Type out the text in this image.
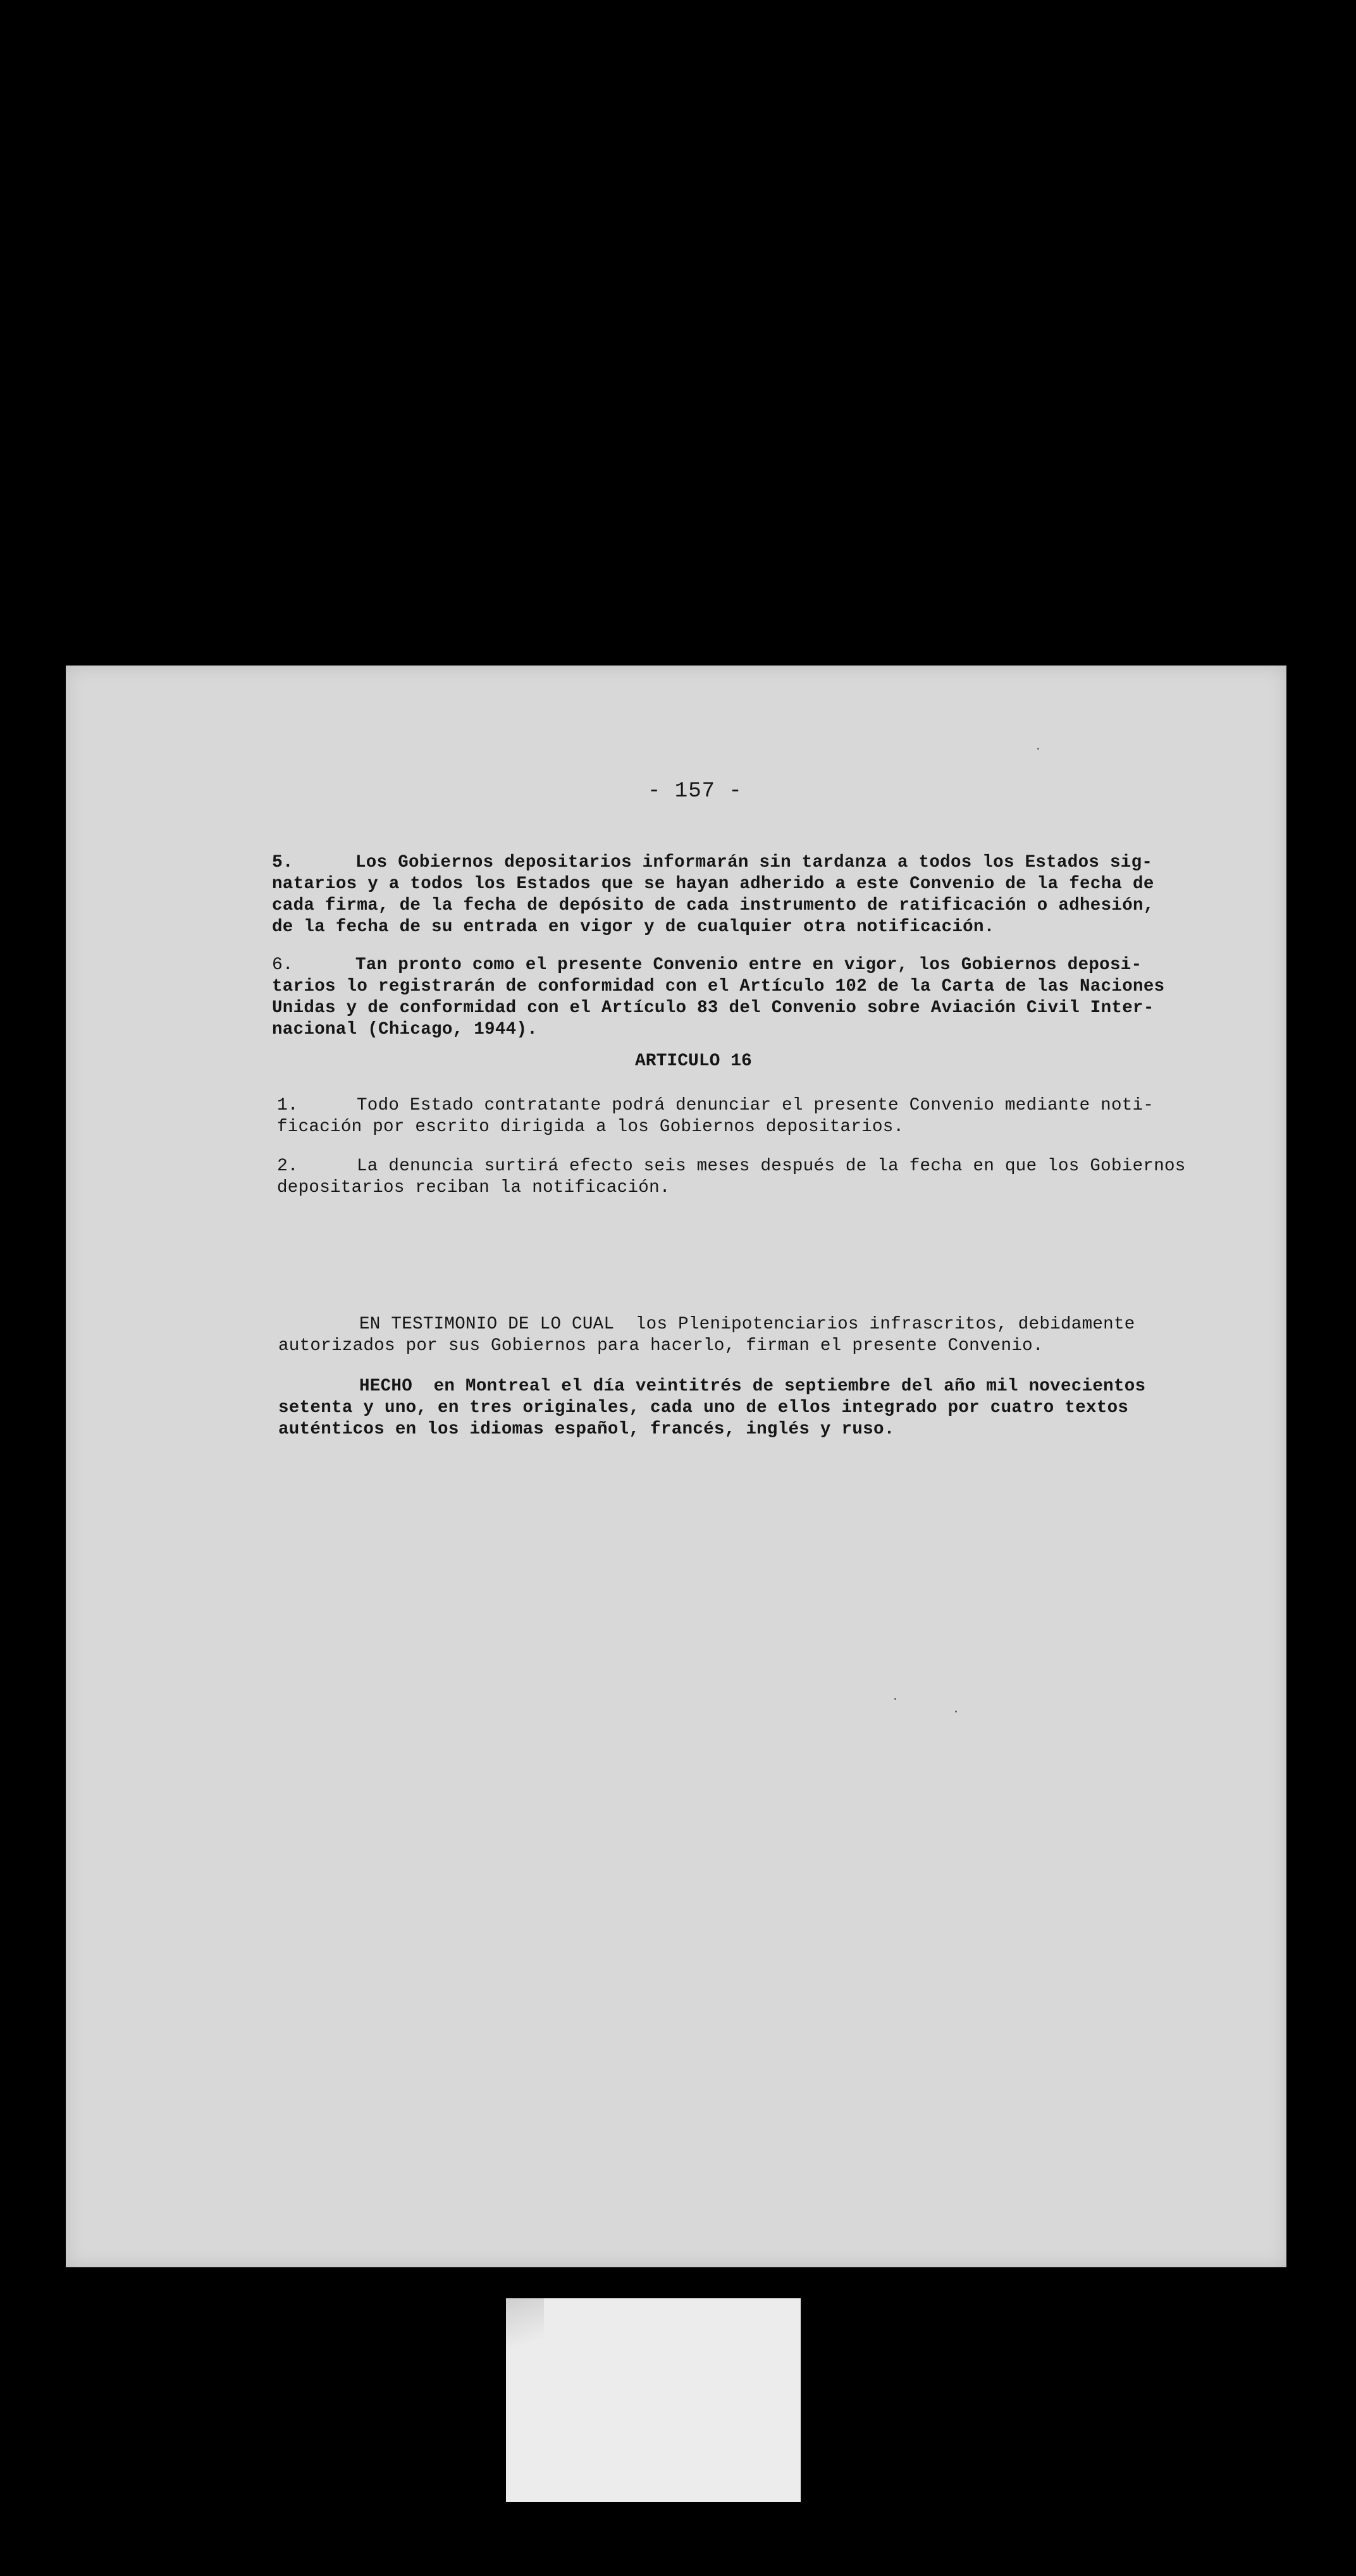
- 157 -
5.	Los Gobiernos depositarios informarán sin tardanza a todos los Estados sig-
natarios y a todos los Estados que se hayan adherido a este Convenio de la fecha de
cada firma, de la fecha de depósito de cada instrumento de ratificación o adhesión,
de la fecha de su entrada en vigor y de cualquier otra notificación.
6.	Tan pronto como el presente Convenio entre en vigor, los Gobiernos deposi-
tarios lo registrarán de conformidad con el Artículo 102 de la Carta de las Naciones
Unidas y de conformidad con el Artículo 83 del Convenio sobre Aviación Civil Inter-
nacional (Chicago, 1944).
ARTICULO 16
1.	Todo Estado contratante podrá denunciar el presente Convenio mediante noti-
ficación por escrito dirigida a los Gobiernos depositarios.
2.	La denuncia surtirá efecto seis meses después de la fecha en que los Gobiernos
depositarios reciban la notificación.
EN TESTIMONIO DE LO CUAL  los Plenipotenciarios infrascritos, debidamente
autorizados por sus Gobiernos para hacerlo, firman el presente Convenio.
HECHO  en Montreal el día veintitrés de septiembre del año mil novecientos
setenta y uno, en tres originales, cada uno de ellos integrado por cuatro textos
auténticos en los idiomas español, francés, inglés y ruso.
